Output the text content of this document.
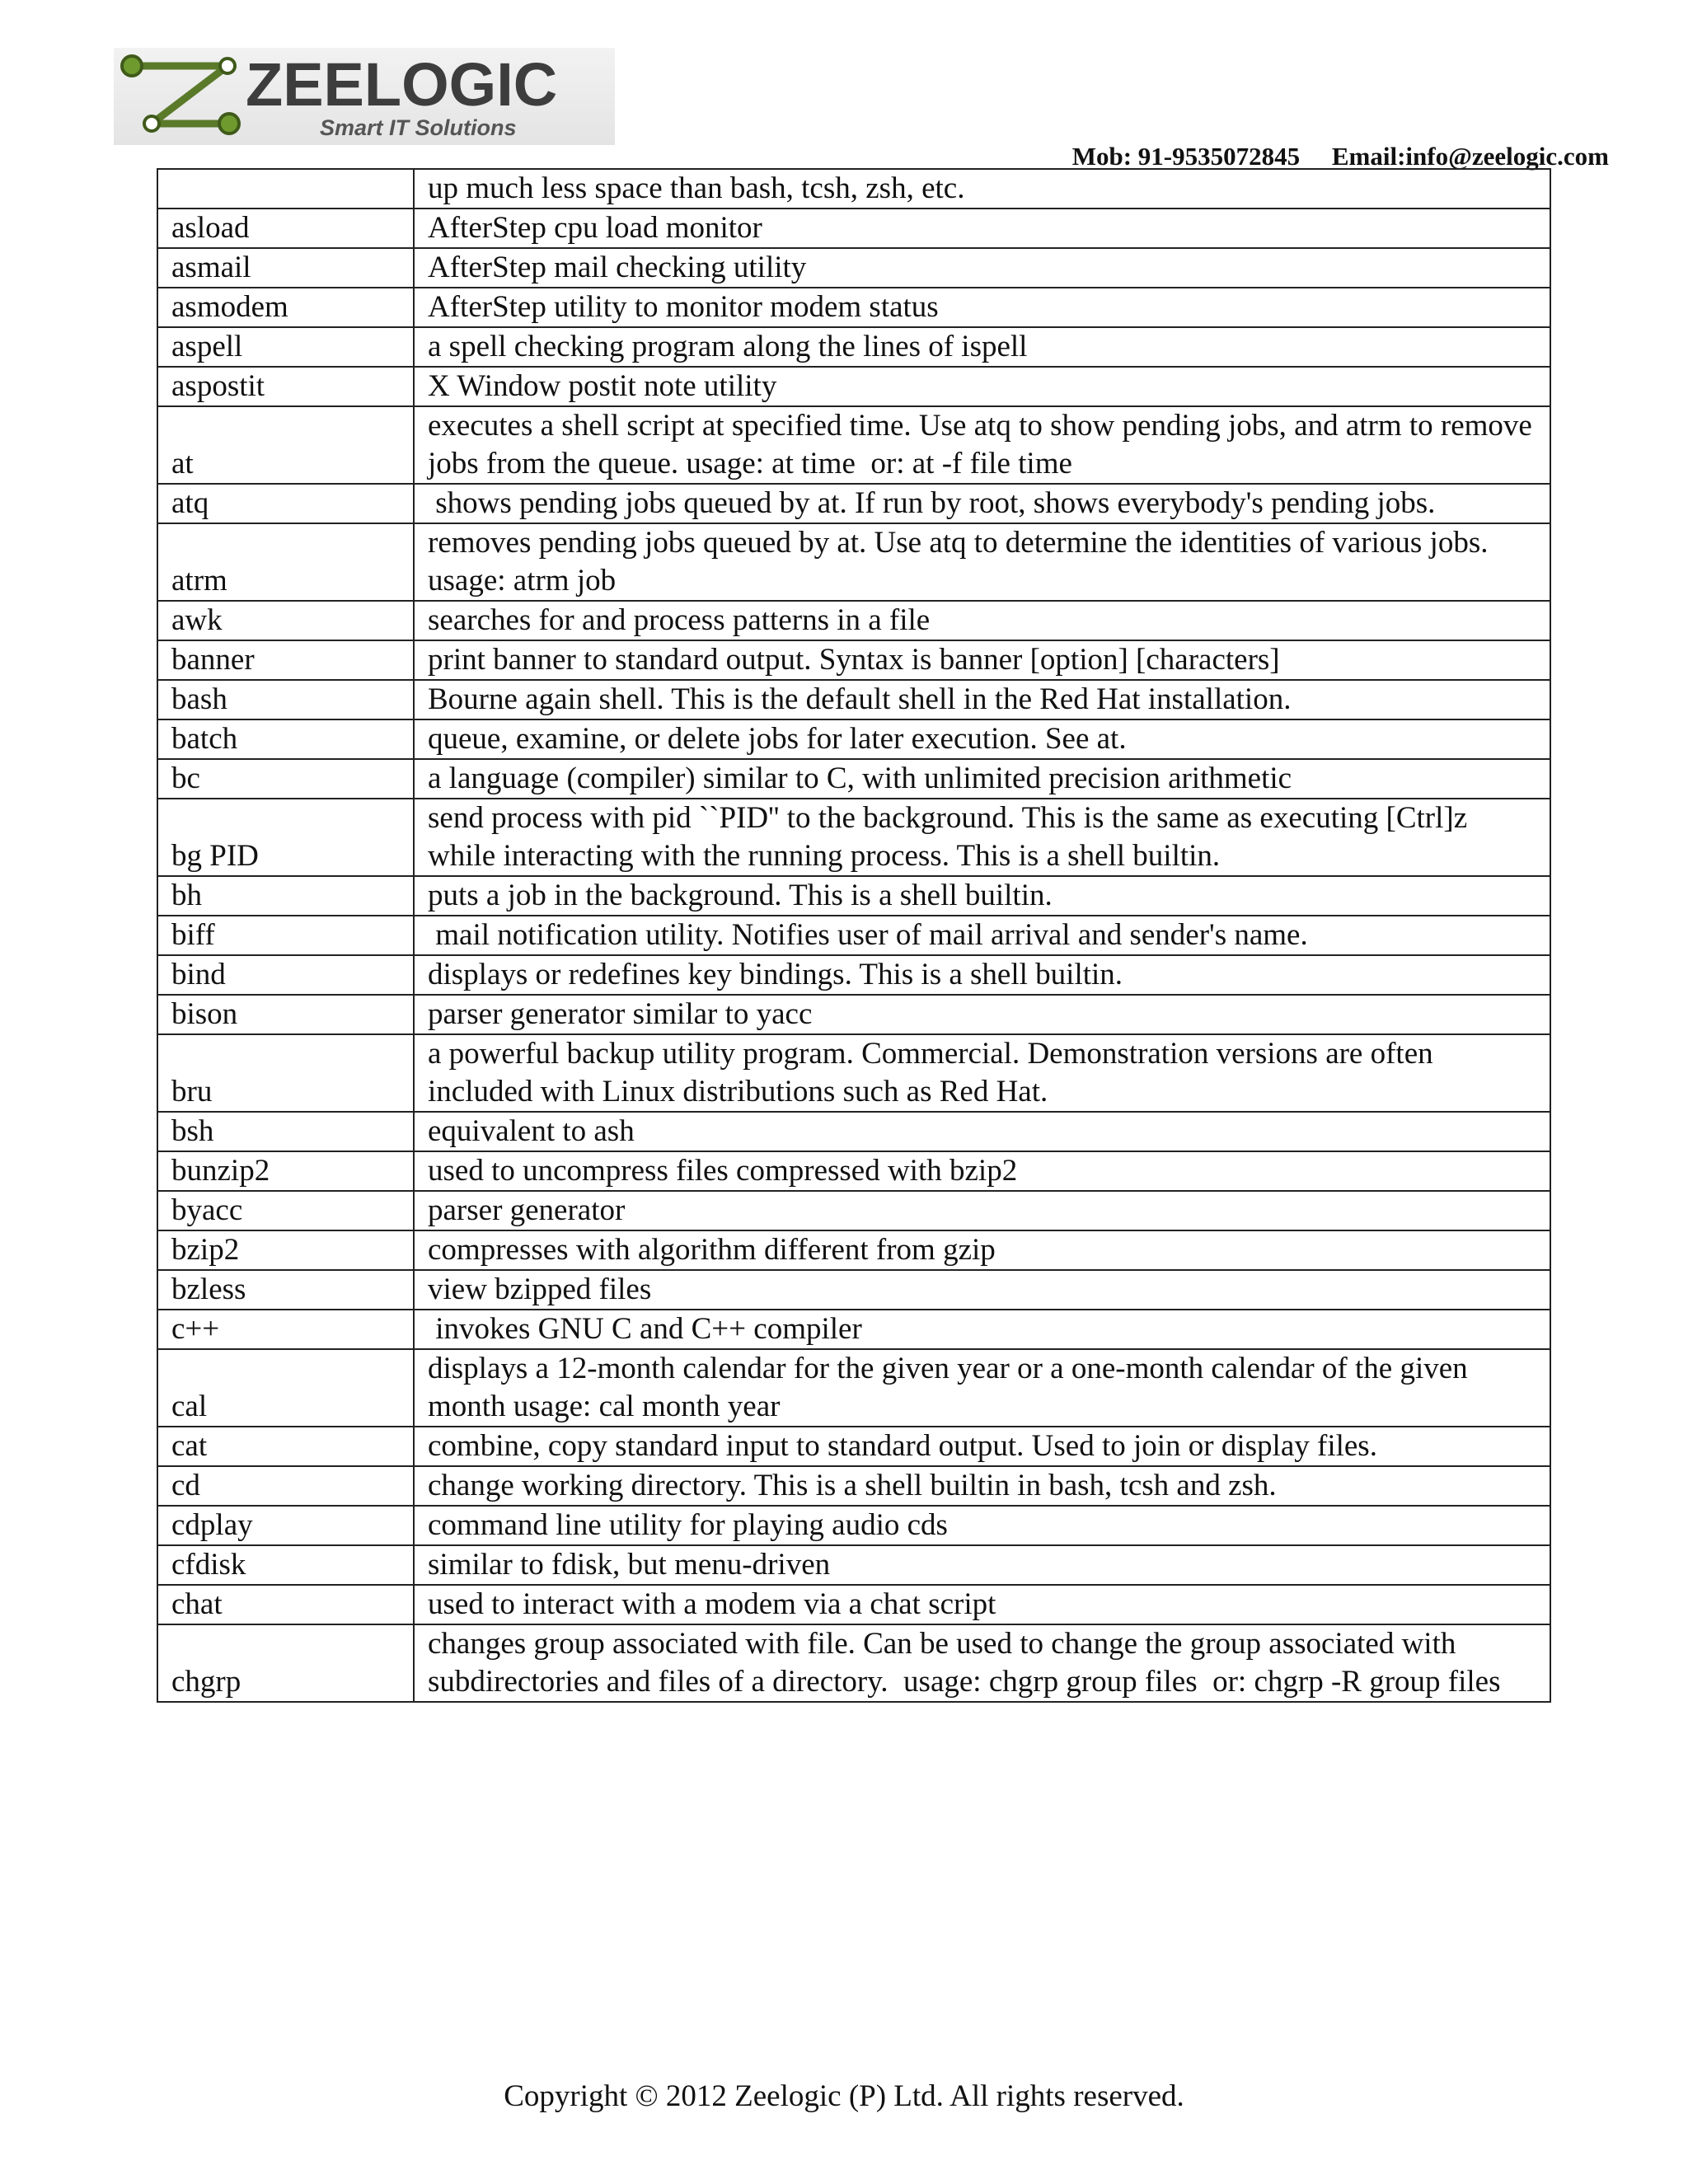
ZEELOGIC
Smart IT Solutions
Mob: 91-9535072845 Email:info@zeelogic.com
	up much less space than bash, tcsh, zsh, etc.
asload	AfterStep cpu load monitor
asmail	AfterStep mail checking utility
asmodem	AfterStep utility to monitor modem status
aspell	a spell checking program along the lines of ispell
aspostit	X Window postit note utility
at	executes a shell script at specified time. Use atq to show pending jobs, and atrm to remove jobs from the queue. usage: at time  or: at -f file time
atq	shows pending jobs queued by at. If run by root, shows everybody's pending jobs.
atrm	removes pending jobs queued by at. Use atq to determine the identities of various jobs. usage: atrm job
awk	searches for and process patterns in a file
banner	print banner to standard output. Syntax is banner [option] [characters]
bash	Bourne again shell. This is the default shell in the Red Hat installation.
batch	queue, examine, or delete jobs for later execution. See at.
bc	a language (compiler) similar to C, with unlimited precision arithmetic
bg PID	send process with pid ``PID'' to the background. This is the same as executing [Ctrl]z while interacting with the running process. This is a shell builtin.
bh	puts a job in the background. This is a shell builtin.
biff	mail notification utility. Notifies user of mail arrival and sender's name.
bind	displays or redefines key bindings. This is a shell builtin.
bison	parser generator similar to yacc
bru	a powerful backup utility program. Commercial. Demonstration versions are often included with Linux distributions such as Red Hat.
bsh	equivalent to ash
bunzip2	used to uncompress files compressed with bzip2
byacc	parser generator
bzip2	compresses with algorithm different from gzip
bzless	view bzipped files
c++	invokes GNU C and C++ compiler
cal	displays a 12-month calendar for the given year or a one-month calendar of the given month usage: cal month year
cat	combine, copy standard input to standard output. Used to join or display files.
cd	change working directory. This is a shell builtin in bash, tcsh and zsh.
cdplay	command line utility for playing audio cds
cfdisk	similar to fdisk, but menu-driven
chat	used to interact with a modem via a chat script
chgrp	changes group associated with file. Can be used to change the group associated with subdirectories and files of a directory.  usage: chgrp group files  or: chgrp -R group files
Copyright © 2012 Zeelogic (P) Ltd. All rights reserved.
